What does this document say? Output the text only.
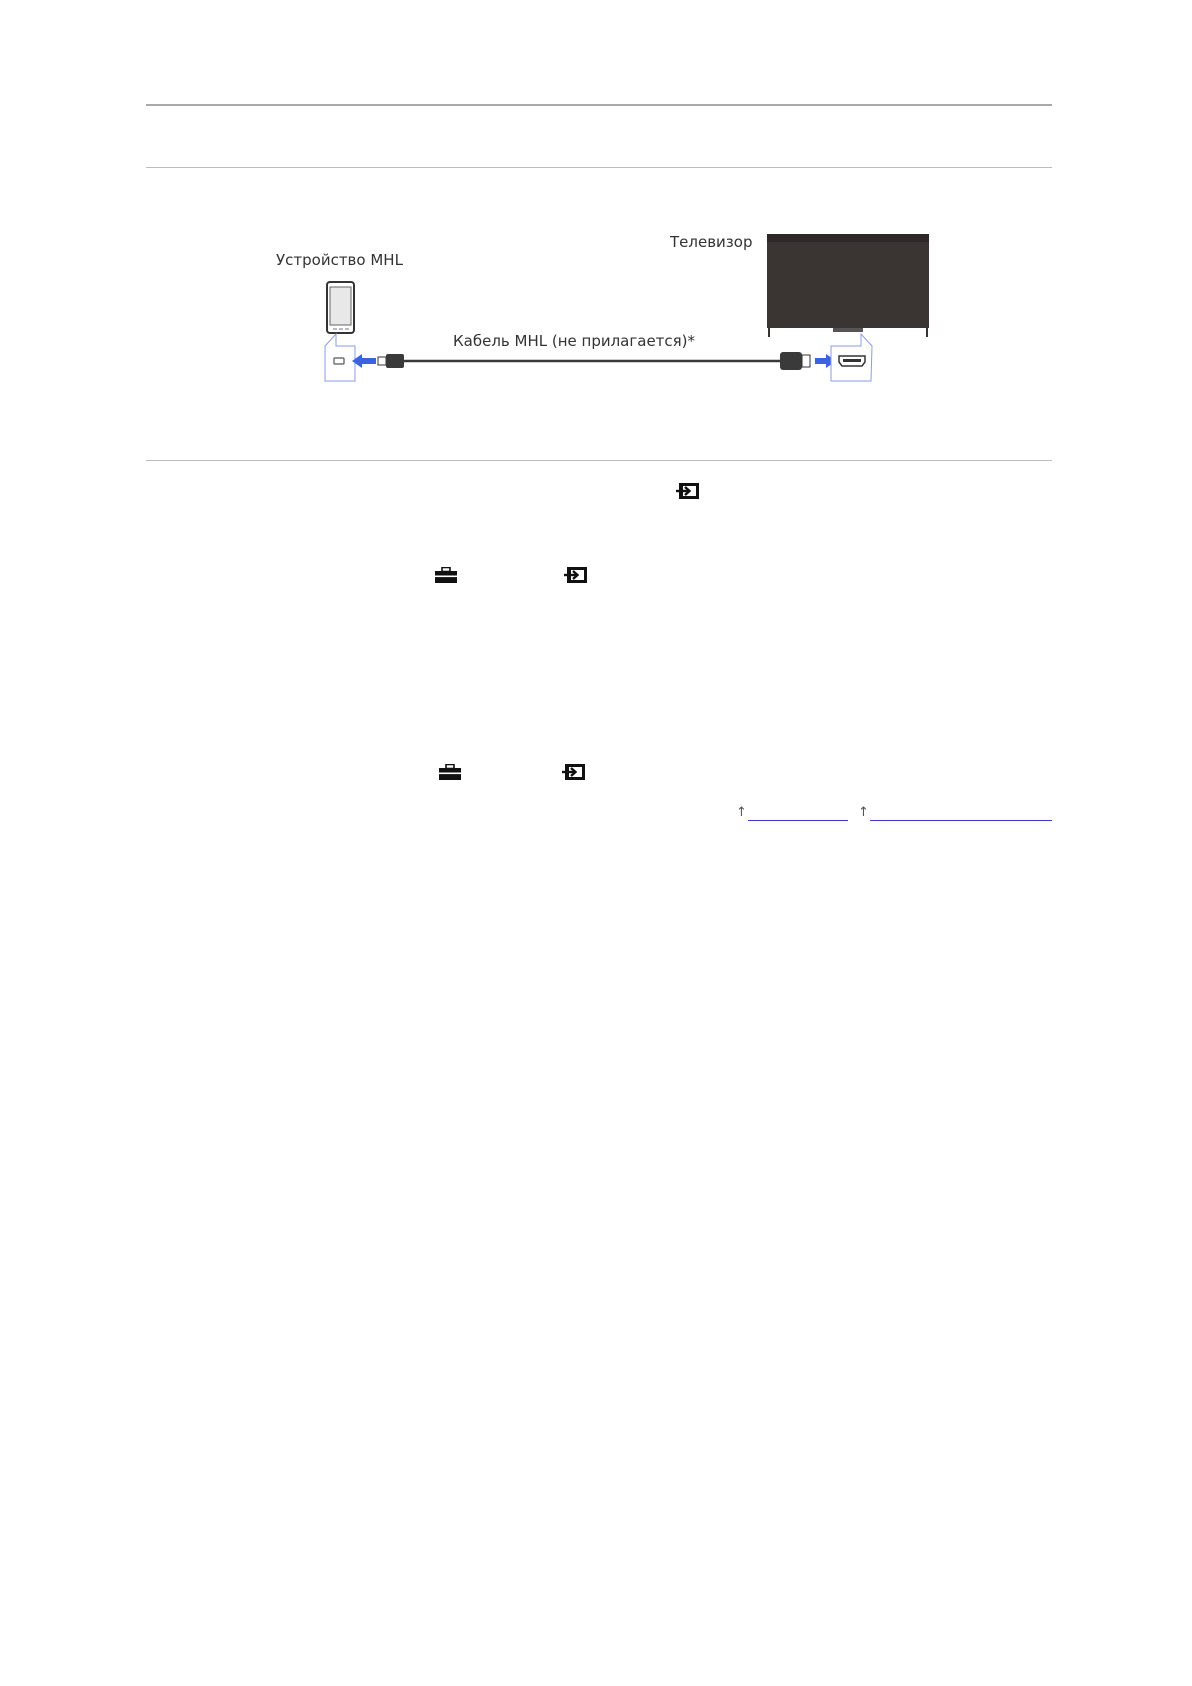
Устройство MHL
Телевизор
Кабель MHL (не прилагается)*
↑	↑
